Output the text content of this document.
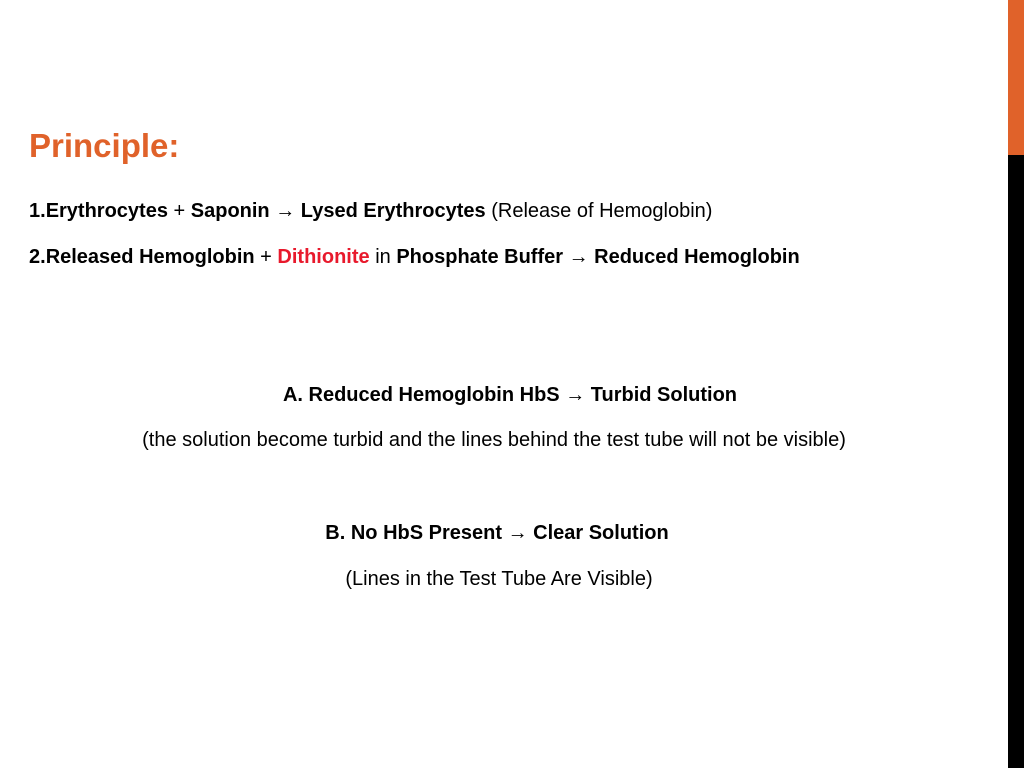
Principle:

1.Erythrocytes + Saponin → Lysed Erythrocytes (Release of Hemoglobin)

2.Released Hemoglobin + Dithionite in Phosphate Buffer → Reduced Hemoglobin

A. Reduced Hemoglobin HbS → Turbid Solution

(the solution become turbid and the lines behind the test tube will not be visible)

B. No HbS Present → Clear Solution

(Lines in the Test Tube Are Visible)
